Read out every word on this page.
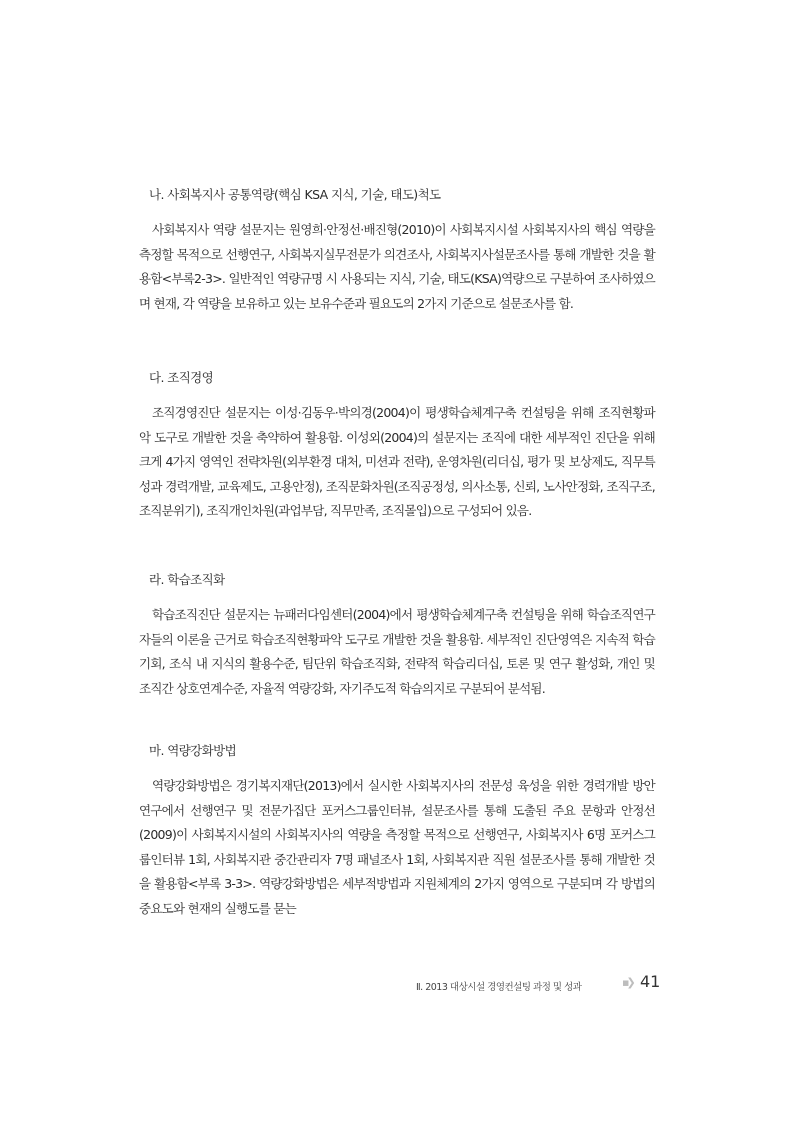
나. 사회복지사 공통역량(핵심 KSA 지식, 기술, 태도)척도

사회복지사 역량 설문지는 원영희·안정선·배진형(2010)이 사회복지시설 사회복지사의 핵심 역량을 측정할 목적으로 선행연구, 사회복지실무전문가 의견조사, 사회복지사설문조사를 통해 개발한 것을 활용함<부록2-3>. 일반적인 역량규명 시 사용되는 지식, 기술, 태도(KSA)역량으로 구분하여 조사하였으며 현재, 각 역량을 보유하고 있는 보유수준과 필요도의 2가지 기준으로 설문조사를 함.

다. 조직경영

조직경영진단 설문지는 이성·김동우·박의경(2004)이 평생학습체계구축 컨설팅을 위해 조직현황파악 도구로 개발한 것을 축약하여 활용함. 이성외(2004)의 설문지는 조직에 대한 세부적인 진단을 위해 크게 4가지 영역인 전략차원(외부환경 대처, 미션과 전략), 운영차원(리더십, 평가 및 보상제도, 직무특성과 경력개발, 교육제도, 고용안정), 조직문화차원(조직공정성, 의사소통, 신뢰, 노사안정화, 조직구조, 조직분위기), 조직개인차원(과업부담, 직무만족, 조직몰입)으로 구성되어 있음.

라. 학습조직화

학습조직진단 설문지는 뉴패러다임센터(2004)에서 평생학습체계구축 컨설팅을 위해 학습조직연구자들의 이론을 근거로 학습조직현황파악 도구로 개발한 것을 활용함. 세부적인 진단영역은 지속적 학습 기회, 조식 내 지식의 활용수준, 팀단위 학습조직화, 전략적 학습리더십, 토론 및 연구 활성화, 개인 및 조직간 상호연계수준, 자율적 역량강화, 자기주도적 학습의지로 구분되어 분석됨.

마. 역량강화방법

역량강화방법은 경기복지재단(2013)에서 실시한 사회복지사의 전문성 육성을 위한 경력개발 방안 연구에서 선행연구 및 전문가집단 포커스그룹인터뷰, 설문조사를 통해 도출된 주요 문항과 안정선(2009)이 사회복지시설의 사회복지사의 역량을 측정할 목적으로 선행연구, 사회복지사 6명 포커스그룹인터뷰 1회, 사회복지관 중간관리자 7명 패널조사 1회, 사회복지관 직원 설문조사를 통해 개발한 것을 활용함<부록 3-3>. 역량강화방법은 세부적방법과 지원체계의 2가지 영역으로 구분되며 각 방법의 중요도와 현재의 실행도를 묻는

Ⅱ. 2013 대상시설 경영컨설팅 과정 및 성과	▪❯ 41
